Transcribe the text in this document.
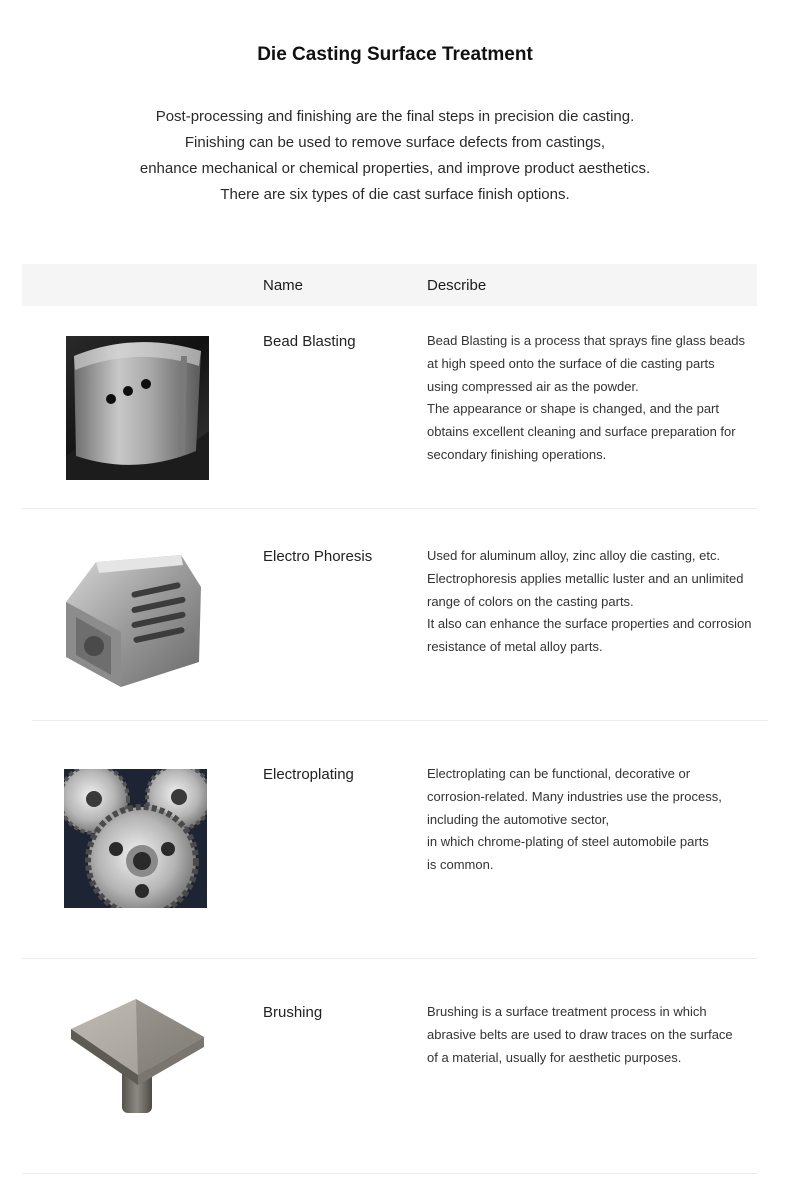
Die Casting Surface Treatment
Post-processing and finishing are the final steps in precision die casting.
Finishing can be used to remove surface defects from castings,
enhance mechanical or chemical properties, and improve product aesthetics.
There are six types of die cast surface finish options.
Name	Describe
Bead Blasting	Bead Blasting is a process that sprays fine glass beads
at high speed onto the surface of die casting parts
using compressed air as the powder.
The appearance or shape is changed, and the part
obtains excellent cleaning and surface preparation for
secondary finishing operations.
Electro Phoresis	Used for aluminum alloy, zinc alloy die casting, etc.
Electrophoresis applies metallic luster and an unlimited
range of colors on the casting parts.
It also can enhance the surface properties and corrosion
resistance of metal alloy parts.
Electroplating	Electroplating can be functional, decorative or
corrosion-related. Many industries use the process,
including the automotive sector,
in which chrome-plating of steel automobile parts
is common.
Brushing	Brushing is a surface treatment process in which
abrasive belts are used to draw traces on the surface
of a material, usually for aesthetic purposes.
